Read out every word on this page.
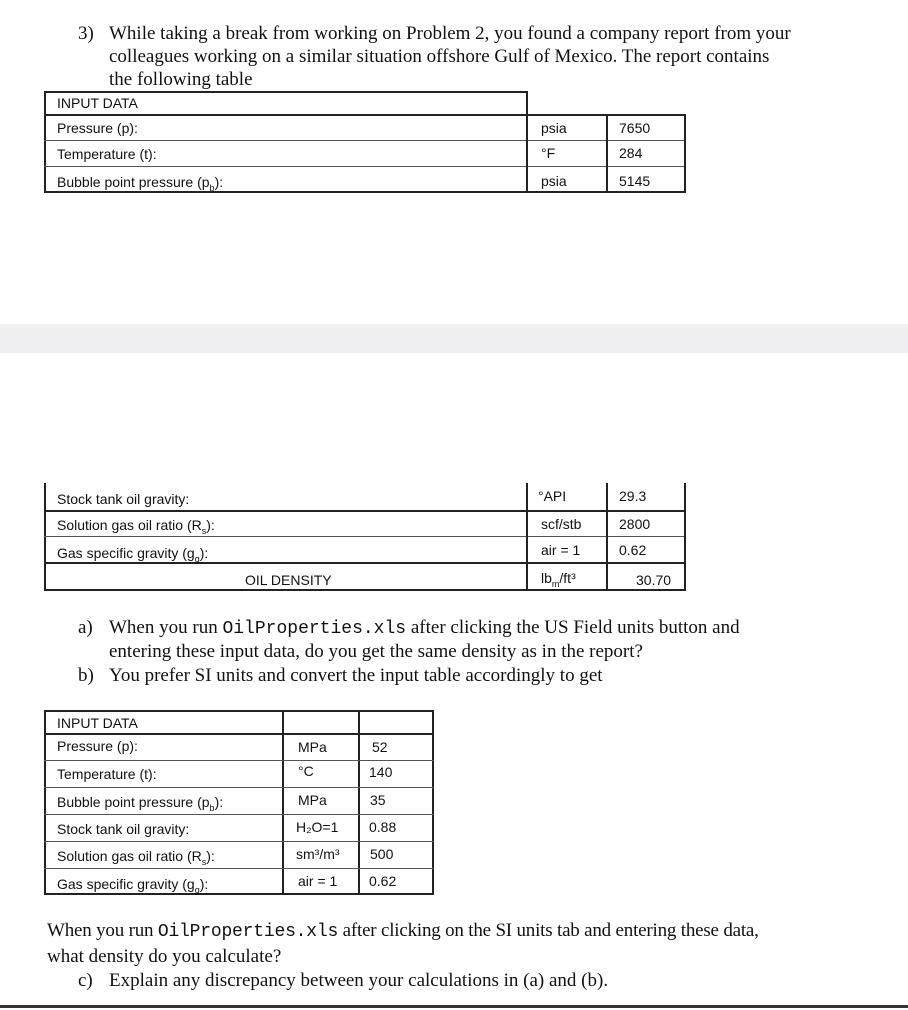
3) While taking a break from working on Problem 2, you found a company report from your
colleagues working on a similar situation offshore Gulf of Mexico. The report contains
the following table
INPUT DATA
Pressure (p):	psia	7650
Temperature (t):	°F	284
Bubble point pressure $(p_b)$:	psia	5145
Stock tank oil gravity:	°API	29.3
Solution gas oil ratio $(R_s)$:	scf/stb	2800
Gas specific gravity $(g_g)$:	air = 1	0.62
OIL DENSITY	$lb_m$/ft³	30.70
a) When you run OilProperties.xls after clicking the US Field units button and
entering these input data, do you get the same density as in the report?
b) You prefer SI units and convert the input table accordingly to get
INPUT DATA
Pressure (p):	MPa	52
Temperature (t):	°C	140
Bubble point pressure $(p_b)$:	MPa	35
Stock tank oil gravity:	H₂O=1 0.88
Solution gas oil ratio $(R_s)$:	sm³/m³ 500
Gas specific gravity $(g_g)$:	air = 1 0.62
When you run OilProperties.xls after clicking on the SI units tab and entering these data,
what density do you calculate?
c) Explain any discrepancy between your calculations in (a) and (b).
